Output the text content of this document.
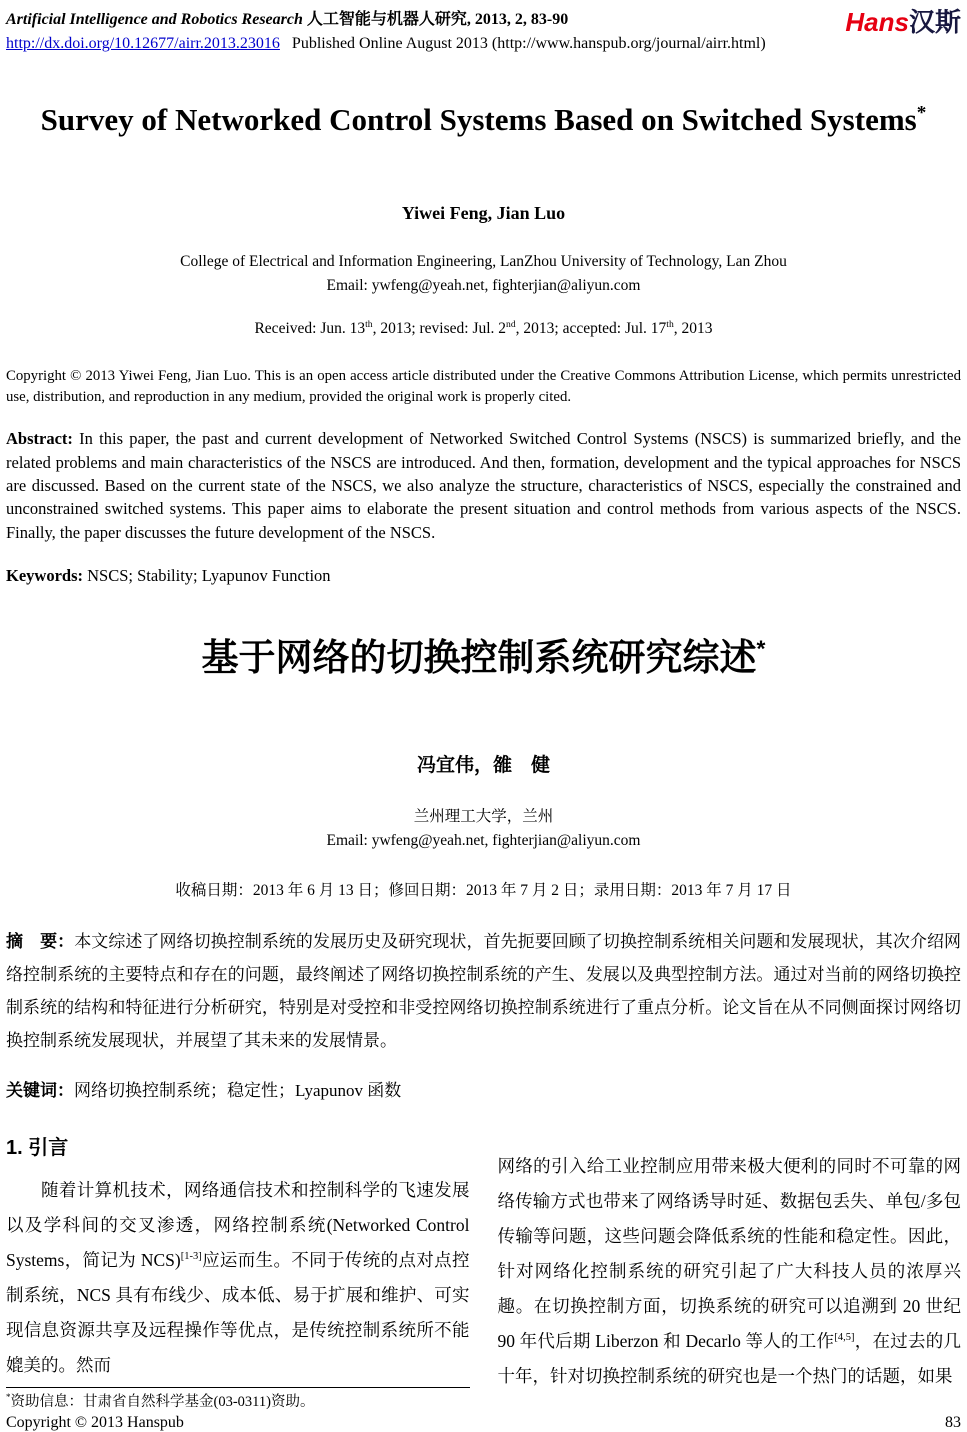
Artificial Intelligence and Robotics Research 人工智能与机器人研究, 2013, 2, 83-90
http://dx.doi.org/10.12677/airr.2013.23016 Published Online August 2013 (http://www.hanspub.org/journal/airr.html)
Hans汉斯
Survey of Networked Control Systems Based on Switched Systems*
Yiwei Feng, Jian Luo
College of Electrical and Information Engineering, LanZhou University of Technology, Lan Zhou
Email: ywfeng@yeah.net, fighterjian@aliyun.com
Received: Jun. 13th, 2013; revised: Jul. 2nd, 2013; accepted: Jul. 17th, 2013
Copyright © 2013 Yiwei Feng, Jian Luo. This is an open access article distributed under the Creative Commons Attribution License, which permits unrestricted use, distribution, and reproduction in any medium, provided the original work is properly cited.
Abstract: In this paper, the past and current development of Networked Switched Control Systems (NSCS) is summarized briefly, and the related problems and main characteristics of the NSCS are introduced. And then, formation, development and the typical approaches for NSCS are discussed. Based on the current state of the NSCS, we also analyze the structure, characteristics of NSCS, especially the constrained and unconstrained switched systems. This paper aims to elaborate the present situation and control methods from various aspects of the NSCS. Finally, the paper discusses the future development of the NSCS.
Keywords: NSCS; Stability; Lyapunov Function
基于网络的切换控制系统研究综述*
冯宜伟，雒　健
兰州理工大学，兰州
Email: ywfeng@yeah.net, fighterjian@aliyun.com
收稿日期：2013 年 6 月 13 日；修回日期：2013 年 7 月 2 日；录用日期：2013 年 7 月 17 日
摘　要：本文综述了网络切换控制系统的发展历史及研究现状，首先扼要回顾了切换控制系统相关问题和发展现状，其次介绍网络控制系统的主要特点和存在的问题，最终阐述了网络切换控制系统的产生、发展以及典型控制方法。通过对当前的网络切换控制系统的结构和特征进行分析研究，特别是对受控和非受控网络切换控制系统进行了重点分析。论文旨在从不同侧面探讨网络切换控制系统发展现状，并展望了其未来的发展情景。
关键词：网络切换控制系统；稳定性；Lyapunov 函数
1. 引言

随着计算机技术，网络通信技术和控制科学的飞速发展以及学科间的交叉渗透，网络控制系统(Networked Control Systems，简记为 NCS)[1-3]应运而生。不同于传统的点对点控制系统，NCS 具有布线少、成本低、易于扩展和维护、可实现信息资源共享及远程操作等优点，是传统控制系统所不能媲美的。然而

*资助信息：甘肃省自然科学基金(03-0311)资助。

网络的引入给工业控制应用带来极大便利的同时不可靠的网络传输方式也带来了网络诱导时延、数据包丢失、单包/多包传输等问题，这些问题会降低系统的性能和稳定性。因此，针对网络化控制系统的研究引起了广大科技人员的浓厚兴趣。在切换控制方面，切换系统的研究可以追溯到 20 世纪 90 年代后期 Liberzon 和 Decarlo 等人的工作[4,5]，在过去的几十年，针对切换控制系统的研究也是一个热门的话题，如果

Copyright © 2013 Hanspub	83
